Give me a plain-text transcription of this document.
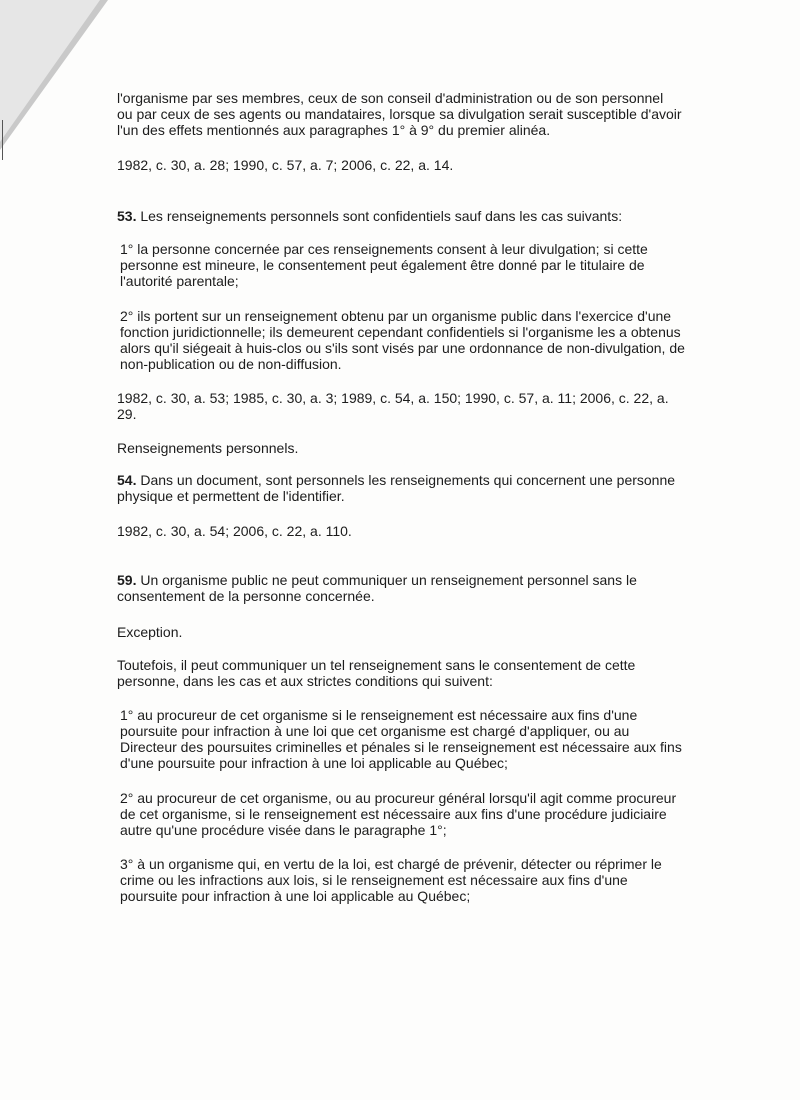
l'organisme par ses membres, ceux de son conseil d'administration ou de son personnel ou par ceux de ses agents ou mandataires, lorsque sa divulgation serait susceptible d'avoir l'un des effets mentionnés aux paragraphes 1° à 9° du premier alinéa.

1982, c. 30, a. 28; 1990, c. 57, a. 7; 2006, c. 22, a. 14.

53. Les renseignements personnels sont confidentiels sauf dans les cas suivants:

1° la personne concernée par ces renseignements consent à leur divulgation; si cette personne est mineure, le consentement peut également être donné par le titulaire de l'autorité parentale;

2° ils portent sur un renseignement obtenu par un organisme public dans l'exercice d'une fonction juridictionnelle; ils demeurent cependant confidentiels si l'organisme les a obtenus alors qu'il siégeait à huis-clos ou s'ils sont visés par une ordonnance de non-divulgation, de non-publication ou de non-diffusion.

1982, c. 30, a. 53; 1985, c. 30, a. 3; 1989, c. 54, a. 150; 1990, c. 57, a. 11; 2006, c. 22, a. 29.

Renseignements personnels.

54. Dans un document, sont personnels les renseignements qui concernent une personne physique et permettent de l'identifier.

1982, c. 30, a. 54; 2006, c. 22, a. 110.

59. Un organisme public ne peut communiquer un renseignement personnel sans le consentement de la personne concernée.

Exception.

Toutefois, il peut communiquer un tel renseignement sans le consentement de cette personne, dans les cas et aux strictes conditions qui suivent:

1° au procureur de cet organisme si le renseignement est nécessaire aux fins d'une poursuite pour infraction à une loi que cet organisme est chargé d'appliquer, ou au Directeur des poursuites criminelles et pénales si le renseignement est nécessaire aux fins d'une poursuite pour infraction à une loi applicable au Québec;

2° au procureur de cet organisme, ou au procureur général lorsqu'il agit comme procureur de cet organisme, si le renseignement est nécessaire aux fins d'une procédure judiciaire autre qu'une procédure visée dans le paragraphe 1°;

3° à un organisme qui, en vertu de la loi, est chargé de prévenir, détecter ou réprimer le crime ou les infractions aux lois, si le renseignement est nécessaire aux fins d'une poursuite pour infraction à une loi applicable au Québec;
